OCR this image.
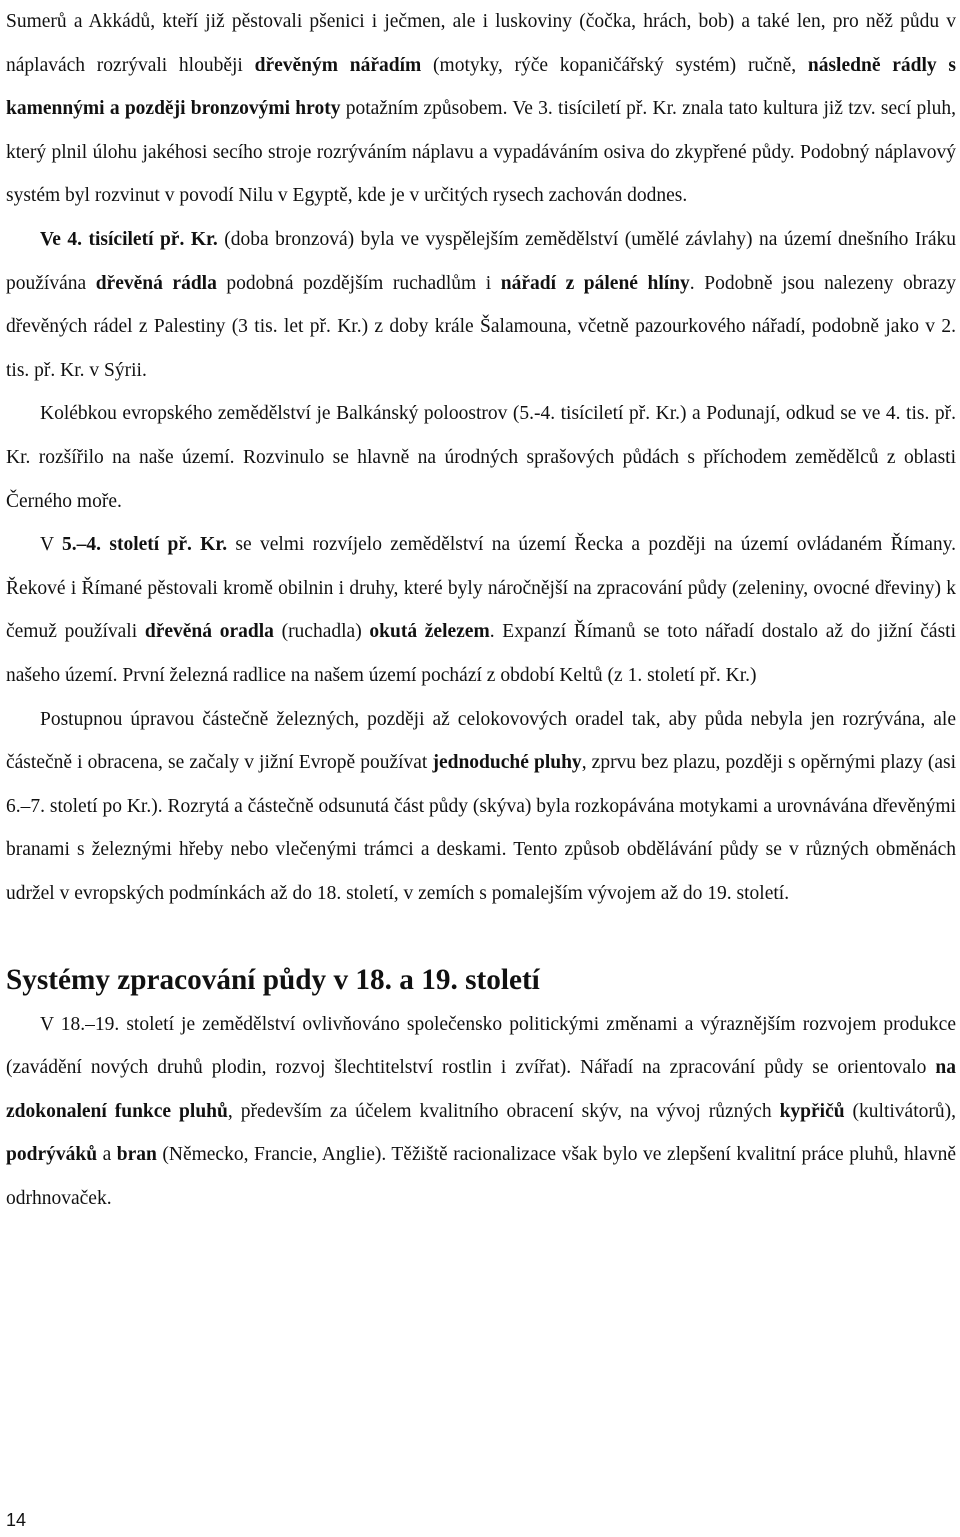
Sumerů a Akkádů, kteří již pěstovali pšenici i ječmen, ale i luskoviny (čočka, hrách, bob) a také len, pro něž půdu v náplavách rozrývali hlouběji dřevěným nářadím (motyky, rýče kopaničářský systém) ručně, následně rádly s kamennými a později bronzovými hroty potažním způsobem. Ve 3. tisíciletí př. Kr. znala tato kultura již tzv. secí pluh, který plnil úlohu jakéhosi secího stroje rozrýváním náplavu a vypadáváním osiva do zkypřené půdy. Podobný náplavový systém byl rozvinut v povodí Nilu v Egyptě, kde je v určitých rysech zachován dodnes.

Ve 4. tisíciletí př. Kr. (doba bronzová) byla ve vyspělejším zemědělství (umělé závlahy) na území dnešního Iráku používána dřevěná rádla podobná pozdějším ruchadlům i nářadí z pálené hlíny. Podobně jsou nalezeny obrazy dřevěných rádel z Palestiny (3 tis. let př. Kr.) z doby krále Šalamouna, včetně pazourkového nářadí, podobně jako v 2. tis. př. Kr. v Sýrii.

Kolébkou evropského zemědělství je Balkánský poloostrov (5.-4. tisíciletí př. Kr.) a Podunají, odkud se ve 4. tis. př. Kr. rozšířilo na naše území. Rozvinulo se hlavně na úrodných sprašových půdách s příchodem zemědělců z oblasti Černého moře.

V 5.–4. století př. Kr. se velmi rozvíjelo zemědělství na území Řecka a později na území ovládaném Římany. Řekové i Římané pěstovali kromě obilnin i druhy, které byly náročnější na zpracování půdy (zeleniny, ovocné dřeviny) k čemuž používali dřevěná oradla (ruchadla) okutá železem. Expanzí Římanů se toto nářadí dostalo až do jižní části našeho území. První železná radlice na našem území pochází z období Keltů (z 1. století př. Kr.)

Postupnou úpravou částečně železných, později až celokovových oradel tak, aby půda nebyla jen rozrývána, ale částečně i obracena, se začaly v jižní Evropě používat jednoduché pluhy, zprvu bez plazu, později s opěrnými plazy (asi 6.–7. století po Kr.). Rozrytá a částečně odsunutá část půdy (skýva) byla rozkopávána motykami a urovnávána dřevěnými branami s železnými hřeby nebo vlečenými trámci a deskami. Tento způsob obdělávání půdy se v různých obměnách udržel v evropských podmínkách až do 18. století, v zemích s pomalejším vývojem až do 19. století.

Systémy zpracování půdy v 18. a 19. století

V 18.–19. století je zemědělství ovlivňováno společensko politickými změnami a výraznějším rozvojem produkce (zavádění nových druhů plodin, rozvoj šlechtitelství rostlin i zvířat). Nářadí na zpracování půdy se orientovalo na zdokonalení funkce pluhů, především za účelem kvalitního obracení skýv, na vývoj různých kypřičů (kultivátorů), podrýváků a bran (Německo, Francie, Anglie). Těžiště racionalizace však bylo ve zlepšení kvalitní práce pluhů, hlavně odrhnovaček.

14
